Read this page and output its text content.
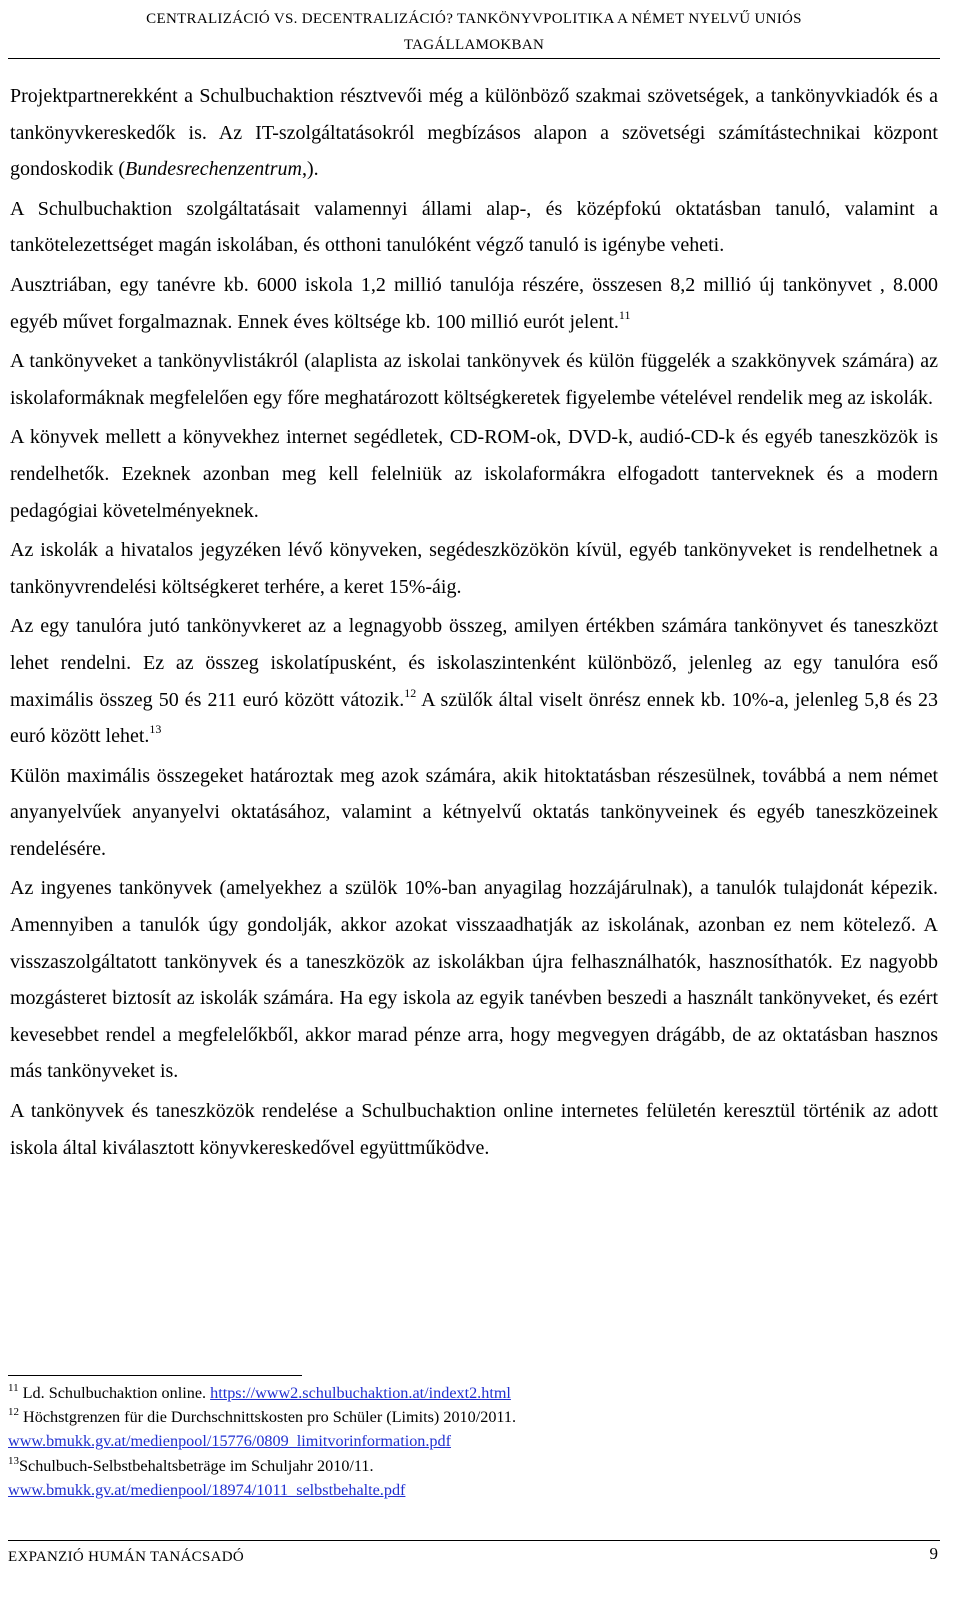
CENTRALIZÁCIÓ VS. DECENTRALIZÁCIÓ? TANKÖNYVPOLITIKA A NÉMET NYELVŰ UNIÓS
TAGÁLLAMOKBAN

Projektpartnerekként a Schulbuchaktion résztvevői még a különböző szakmai szövetségek, a tankönyvkiadók és a tankönyvkereskedők is. Az IT-szolgáltatásokról megbízásos alapon a szövetségi számítástechnikai központ gondoskodik (Bundesrechenzentrum,).

A Schulbuchaktion szolgáltatásait valamennyi állami alap-, és középfokú oktatásban tanuló, valamint a tankötelezettséget magán iskolában, és otthoni tanulóként végző tanuló is igénybe veheti.

Ausztriában, egy tanévre kb. 6000 iskola 1,2 millió tanulója részére, összesen 8,2 millió új tankönyvet , 8.000 egyéb művet forgalmaznak. Ennek éves költsége kb. 100 millió eurót jelent.$^{11}$

A tankönyveket a tankönyvlistákról (alaplista az iskolai tankönyvek és külön függelék a szakkönyvek számára) az iskolaformáknak megfelelően egy főre meghatározott költségkeretek figyelembe vételével rendelik meg az iskolák.

A könyvek mellett a könyvekhez internet segédletek, CD-ROM-ok, DVD-k, audió-CD-k és egyéb taneszközök is rendelhetők. Ezeknek azonban meg kell felelniük az iskolaformákra elfogadott tanterveknek és a modern pedagógiai követelményeknek.

Az iskolák a hivatalos jegyzéken lévő könyveken, segédeszközökön kívül, egyéb tankönyveket is rendelhetnek a tankönyvrendelési költségkeret terhére, a keret 15%-áig.

Az egy tanulóra jutó tankönyvkeret az a legnagyobb összeg, amilyen értékben számára tankönyvet és taneszközt lehet rendelni. Ez az összeg iskolatípusként, és iskolaszintenként különböző, jelenleg az egy tanulóra eső maximális összeg 50 és 211 euró között vátozik.$^{12}$ A szülők által viselt önrész ennek kb. 10%-a, jelenleg 5,8 és 23 euró között lehet.$^{13}$

Külön maximális összegeket határoztak meg azok számára, akik hitoktatásban részesülnek, továbbá a nem német anyanyelvűek anyanyelvi oktatásához, valamint a kétnyelvű oktatás tankönyveinek és egyéb taneszközeinek rendelésére.

Az ingyenes tankönyvek (amelyekhez a szülök 10%-ban anyagilag hozzájárulnak), a tanulók tulajdonát képezik. Amennyiben a tanulók úgy gondolják, akkor azokat visszaadhatják az iskolának, azonban ez nem kötelező. A visszaszolgáltatott tankönyvek és a taneszközök az iskolákban újra felhasználhatók, hasznosíthatók. Ez nagyobb mozgásteret biztosít az iskolák számára. Ha egy iskola az egyik tanévben beszedi a használt tankönyveket, és ezért kevesebbet rendel a megfelelőkből, akkor marad pénze arra, hogy megvegyen drágább, de az oktatásban hasznos más tankönyveket is.

A tankönyvek és taneszközök rendelése a Schulbuchaktion online internetes felületén keresztül történik az adott iskola által kiválasztott könyvkereskedővel együttműködve.

$^{11}$ Ld. Schulbuchaktion online. https://www2.schulbuchaktion.at/indext2.html
$^{12}$ Höchstgrenzen für die Durchschnittskosten pro Schüler (Limits) 2010/2011.
www.bmukk.gv.at/medienpool/15776/0809_limitvorinformation.pdf
$^{13}$Schulbuch-Selbstbehaltsbeträge im Schuljahr 2010/11.
www.bmukk.gv.at/medienpool/18974/1011_selbstbehalte.pdf
EXPANZIÓ HUMÁN TANÁCSADÓ	9
